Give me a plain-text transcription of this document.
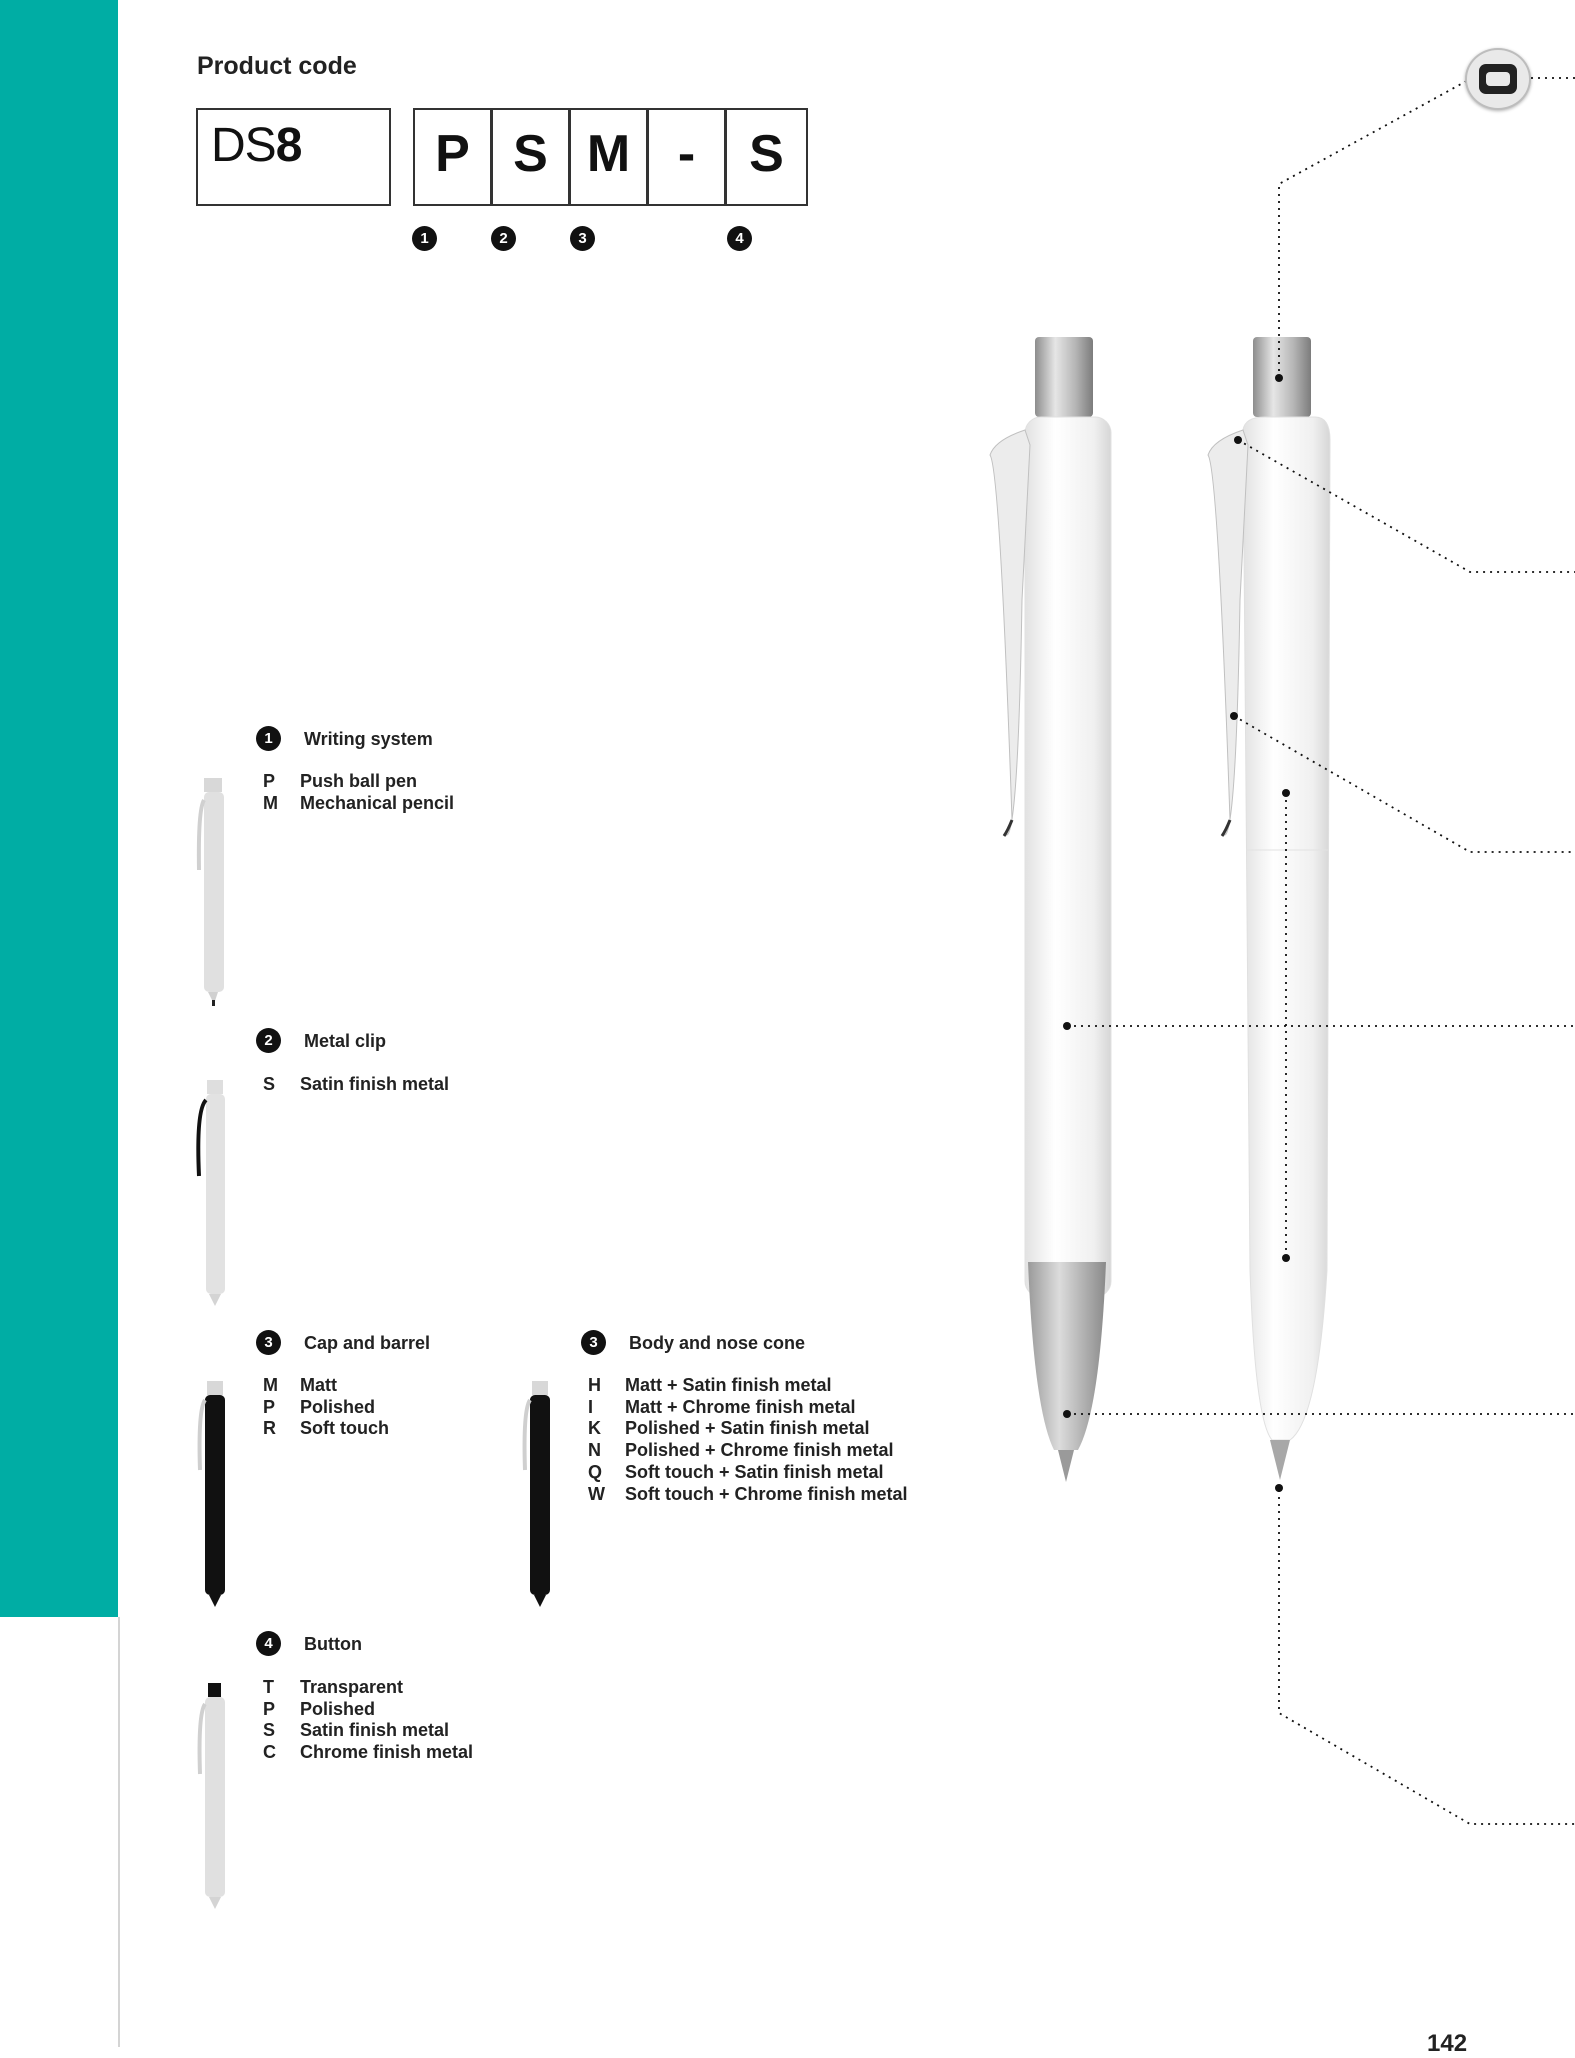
Product code
DS8	P S M -	S
1	2	3	4
1	Writing system
P	Push ball pen
M	Mechanical pencil
2	Metal clip
S	Satin finish metal
3	Cap and barrel
M	Matt
P	Polished
R	Soft touch
3	Body and nose cone
H	Matt + Satin finish metal
I	Matt + Chrome finish metal
K	Polished + Satin finish metal
N	Polished + Chrome finish metal
Q	Soft touch + Satin finish metal
W	Soft touch + Chrome finish metal
4	Button
T	Transparent
P	Polished
S	Satin finish metal
C	Chrome finish metal
142
